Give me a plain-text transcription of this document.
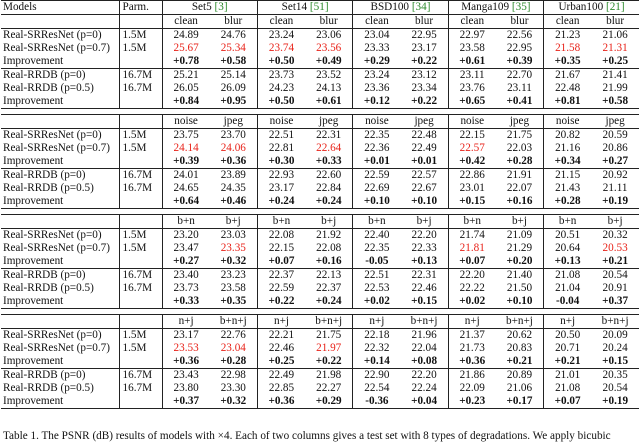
Models	Parm.	Set5 [3]		Set14 [51]		BSD100 [34]		Manga109 [35]		Urban100 [21]	
		clean	blur	clean	blur	clean	blur	clean	blur	clean	blur
Real-SRResNet (p=0)	1.5M	24.89	24.76	23.24	23.06	23.04	22.95	22.97	22.56	21.23	21.06
Real-SRResNet (p=0.7)	1.5M	25.67	25.34	23.74	23.56	23.33	23.17	23.58	22.95	21.58	21.31
Improvement		+0.78	+0.58	+0.50	+0.49	+0.29	+0.22	+0.61	+0.39	+0.35	+0.25
Real-RRDB (p=0)	16.7M	25.21	25.14	23.73	23.52	23.24	23.12	23.11	22.70	21.67	21.41
Real-RRDB (p=0.5)	16.7M	26.05	26.09	24.23	24.13	23.36	23.34	23.76	23.11	22.48	21.99
Improvement		+0.84	+0.95	+0.50	+0.61	+0.12	+0.22	+0.65	+0.41	+0.81	+0.58

		noise	jpeg	noise	jpeg	noise	jpeg	noise	jpeg	noise	jpeg
Real-SRResNet (p=0)	1.5M	23.75	23.70	22.51	22.31	22.35	22.48	22.15	21.75	20.82	20.59
Real-SRResNet (p=0.7)	1.5M	24.14	24.06	22.81	22.64	22.36	22.49	22.57	22.03	21.16	20.86
Improvement		+0.39	+0.36	+0.30	+0.33	+0.01	+0.01	+0.42	+0.28	+0.34	+0.27
Real-RRDB (p=0)	16.7M	24.01	23.89	22.93	22.60	22.59	22.57	22.86	21.91	21.15	20.92
Real-RRDB (p=0.5)	16.7M	24.65	24.35	23.17	22.84	22.69	22.67	23.01	22.07	21.43	21.11
Improvement		+0.64	+0.46	+0.24	+0.24	+0.10	+0.10	+0.15	+0.16	+0.28	+0.19

		b+n	b+j	b+n	b+j	b+n	b+j	b+n	b+j	b+n	b+j
Real-SRResNet (p=0)	1.5M	23.20	23.03	22.08	21.92	22.40	22.20	21.74	21.09	20.51	20.32
Real-SRResNet (p=0.7)	1.5M	23.47	23.35	22.15	22.08	22.35	22.33	21.81	21.29	20.64	20.53
Improvement		+0.27	+0.32	+0.07	+0.16	-0.05	+0.13	+0.07	+0.20	+0.13	+0.21
Real-RRDB (p=0)	16.7M	23.40	23.23	22.37	22.13	22.51	22.31	22.20	21.40	21.08	20.54
Real-RRDB (p=0.5)	16.7M	23.73	23.58	22.59	22.37	22.53	22.46	22.22	21.50	21.04	20.91
Improvement		+0.33	+0.35	+0.22	+0.24	+0.02	+0.15	+0.02	+0.10	-0.04	+0.37

		n+j	b+n+j	n+j	b+n+j	n+j	b+n+j	n+j	b+n+j	n+j	b+n+j
Real-SRResNet (p=0)	1.5M	23.17	22.76	22.21	21.75	22.18	21.96	21.37	20.62	20.50	20.09
Real-SRResNet (p=0.7)	1.5M	23.53	23.04	22.46	21.97	22.32	22.04	21.73	20.83	20.71	20.24
Improvement		+0.36	+0.28	+0.25	+0.22	+0.14	+0.08	+0.36	+0.21	+0.21	+0.15
Real-RRDB (p=0)	16.7M	23.43	22.98	22.49	21.98	22.90	22.20	21.86	20.89	21.01	20.35
Real-RRDB (p=0.5)	16.7M	23.80	23.30	22.85	22.27	22.54	22.24	22.09	21.06	21.08	20.54
Improvement		+0.37	+0.32	+0.36	+0.29	-0.36	+0.04	+0.23	+0.17	+0.07	+0.19
Table 1. The PSNR (dB) results of models with ×4. Each of two columns gives a test set with 8 types of degradations. We apply bicubic
